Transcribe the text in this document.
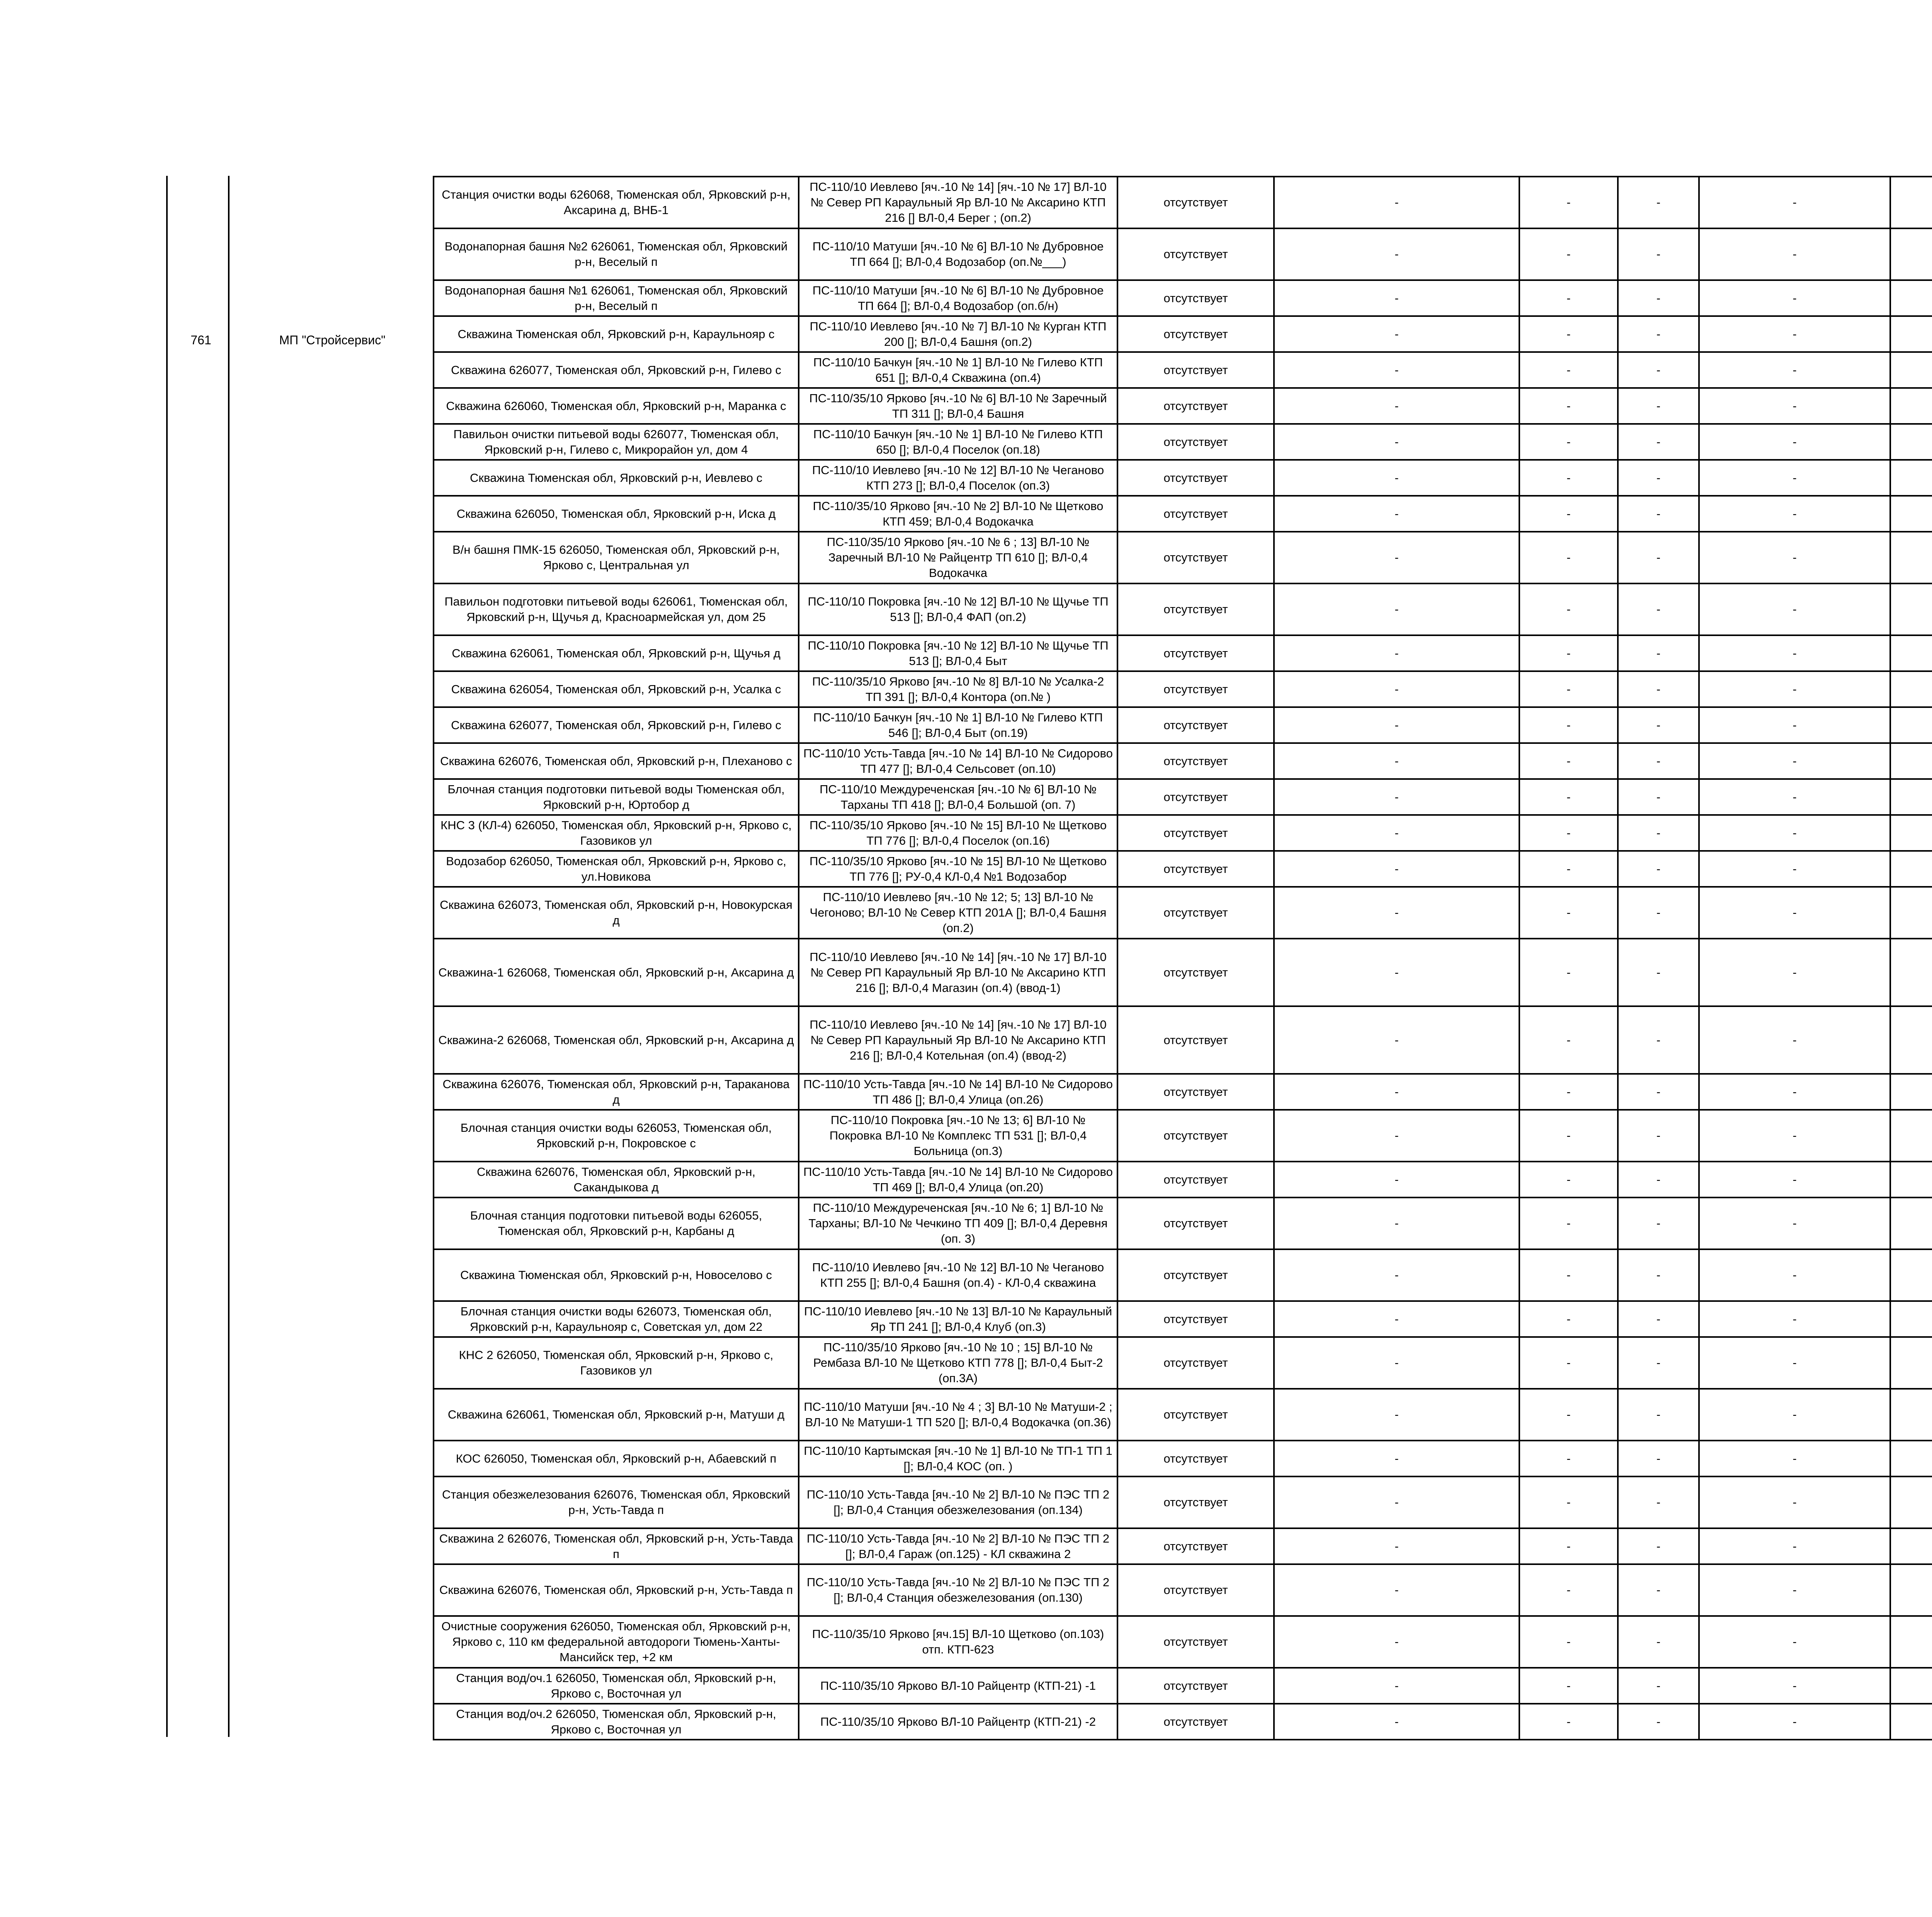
761	МП "Стройсервис"
Станция очистки воды 626068, Тюменская обл, Ярковский р-н, Аксарина д, ВНБ-1	ПС-110/10 Иевлево [яч.-10 № 14] [яч.-10 № 17] ВЛ-10 № Север РП Караульный Яр ВЛ-10 № Аксарино КТП 216 [] ВЛ-0,4 Берег ; (оп.2)	отсутствует	-	-	-	-		
Водонапорная башня №2 626061, Тюменская обл, Ярковский р-н, Веселый п	ПС-110/10 Матуши [яч.-10 № 6] ВЛ-10 № Дубровное ТП 664 []; ВЛ-0,4 Водозабор (оп.№___)	отсутствует	-	-	-	-		
Водонапорная башня №1 626061, Тюменская обл, Ярковский р-н, Веселый п	ПС-110/10 Матуши [яч.-10 № 6] ВЛ-10 № Дубровное ТП 664 []; ВЛ-0,4 Водозабор (оп.б/н)	отсутствует	-	-	-	-		
Скважина Тюменская обл, Ярковский р-н, Караульнояр с	ПС-110/10 Иевлево [яч.-10 № 7] ВЛ-10 № Курган КТП 200 []; ВЛ-0,4 Башня (оп.2)	отсутствует	-	-	-	-		
Скважина 626077, Тюменская обл, Ярковский р-н, Гилево с	ПС-110/10 Бачкун [яч.-10 № 1] ВЛ-10 № Гилево КТП 651 []; ВЛ-0,4 Скважина (оп.4)	отсутствует	-	-	-	-		
Скважина 626060, Тюменская обл, Ярковский р-н, Маранка с	ПС-110/35/10 Ярково [яч.-10 № 6] ВЛ-10 № Заречный ТП 311 []; ВЛ-0,4 Башня	отсутствует	-	-	-	-		
Павильон очистки питьевой воды 626077, Тюменская обл, Ярковский р-н, Гилево с, Микрорайон ул, дом 4	ПС-110/10 Бачкун [яч.-10 № 1] ВЛ-10 № Гилево КТП 650 []; ВЛ-0,4 Поселок (оп.18)	отсутствует	-	-	-	-		
Скважина Тюменская обл, Ярковский р-н, Иевлево с	ПС-110/10 Иевлево [яч.-10 № 12] ВЛ-10 № Чеганово КТП 273 []; ВЛ-0,4 Поселок (оп.3)	отсутствует	-	-	-	-		
Скважина 626050, Тюменская обл, Ярковский р-н, Иска д	ПС-110/35/10 Ярково [яч.-10 № 2] ВЛ-10 № Щетково КТП 459; ВЛ-0,4 Водокачка	отсутствует	-	-	-	-		
В/н башня ПМК-15 626050, Тюменская обл, Ярковский р-н, Ярково с, Центральная ул	ПС-110/35/10 Ярково [яч.-10 № 6 ; 13] ВЛ-10 № Заречный ВЛ-10 № Райцентр ТП 610 []; ВЛ-0,4 Водокачка	отсутствует	-	-	-	-		
Павильон подготовки питьевой воды 626061, Тюменская обл, Ярковский р-н, Щучья д, Красноармейская ул, дом 25	ПС-110/10 Покровка [яч.-10 № 12] ВЛ-10 № Щучье ТП 513 []; ВЛ-0,4 ФАП (оп.2)	отсутствует	-	-	-	-		
Скважина 626061, Тюменская обл, Ярковский р-н, Щучья д	ПС-110/10 Покровка [яч.-10 № 12] ВЛ-10 № Щучье ТП 513 []; ВЛ-0,4 Быт	отсутствует	-	-	-	-		
Скважина 626054, Тюменская обл, Ярковский р-н, Усалка с	ПС-110/35/10 Ярково [яч.-10 № 8] ВЛ-10 № Усалка-2 ТП 391 []; ВЛ-0,4 Контора (оп.№ )	отсутствует	-	-	-	-		
Скважина 626077, Тюменская обл, Ярковский р-н, Гилево с	ПС-110/10 Бачкун [яч.-10 № 1] ВЛ-10 № Гилево КТП 546 []; ВЛ-0,4 Быт (оп.19)	отсутствует	-	-	-	-		
Скважина 626076, Тюменская обл, Ярковский р-н, Плеханово с	ПС-110/10 Усть-Тавда [яч.-10 № 14] ВЛ-10 № Сидорово ТП 477 []; ВЛ-0,4 Сельсовет (оп.10)	отсутствует	-	-	-	-		
Блочная станция подготовки питьевой воды Тюменская обл, Ярковский р-н, Юртобор д	ПС-110/10 Междуреченская [яч.-10 № 6] ВЛ-10 № Тарханы ТП 418 []; ВЛ-0,4 Большой (оп. 7)	отсутствует	-	-	-	-		
КНС 3 (КЛ-4) 626050, Тюменская обл, Ярковский р-н, Ярково с, Газовиков ул	ПС-110/35/10 Ярково [яч.-10 № 15] ВЛ-10 № Щетково ТП 776 []; ВЛ-0,4 Поселок (оп.16)	отсутствует	-	-	-	-		
Водозабор 626050, Тюменская обл, Ярковский р-н, Ярково с, ул.Новикова	ПС-110/35/10 Ярково [яч.-10 № 15] ВЛ-10 № Щетково ТП 776 []; РУ-0,4 КЛ-0,4 №1 Водозабор	отсутствует	-	-	-	-		
Скважина 626073, Тюменская обл, Ярковский р-н, Новокурская д	ПС-110/10 Иевлево [яч.-10 № 12; 5; 13] ВЛ-10 № Чегоново; ВЛ-10 № Север КТП 201А []; ВЛ-0,4 Башня (оп.2)	отсутствует	-	-	-	-		
Скважина-1 626068, Тюменская обл, Ярковский р-н, Аксарина д	ПС-110/10 Иевлево [яч.-10 № 14] [яч.-10 № 17] ВЛ-10 № Север РП Караульный Яр ВЛ-10 № Аксарино КТП 216 []; ВЛ-0,4 Магазин (оп.4) (ввод-1)	отсутствует	-	-	-	-		
Скважина-2 626068, Тюменская обл, Ярковский р-н, Аксарина д	ПС-110/10 Иевлево [яч.-10 № 14] [яч.-10 № 17] ВЛ-10 № Север РП Караульный Яр ВЛ-10 № Аксарино КТП 216 []; ВЛ-0,4 Котельная (оп.4) (ввод-2)	отсутствует	-	-	-	-		
Скважина 626076, Тюменская обл, Ярковский р-н, Тараканова д	ПС-110/10 Усть-Тавда [яч.-10 № 14] ВЛ-10 № Сидорово ТП 486 []; ВЛ-0,4 Улица (оп.26)	отсутствует	-	-	-	-		
Блочная станция очистки воды 626053, Тюменская обл, Ярковский р-н, Покровское с	ПС-110/10 Покровка [яч.-10 № 13; 6] ВЛ-10 № Покровка ВЛ-10 № Комплекс ТП 531 []; ВЛ-0,4 Больница (оп.3)	отсутствует	-	-	-	-		
Скважина 626076, Тюменская обл, Ярковский р-н, Сакандыкова д	ПС-110/10 Усть-Тавда [яч.-10 № 14] ВЛ-10 № Сидорово ТП 469 []; ВЛ-0,4 Улица (оп.20)	отсутствует	-	-	-	-		
Блочная станция подготовки питьевой воды 626055, Тюменская обл, Ярковский р-н, Карбаны д	ПС-110/10 Междуреченская [яч.-10 № 6; 1] ВЛ-10 № Тарханы; ВЛ-10 № Чечкино ТП 409 []; ВЛ-0,4 Деревня (оп. 3)	отсутствует	-	-	-	-		
Скважина Тюменская обл, Ярковский р-н, Новоселово с	ПС-110/10 Иевлево [яч.-10 № 12] ВЛ-10 № Чеганово КТП 255 []; ВЛ-0,4 Башня (оп.4) - КЛ-0,4 скважина	отсутствует	-	-	-	-		
Блочная станция очистки воды 626073, Тюменская обл, Ярковский р-н, Караульнояр с, Советская ул, дом 22	ПС-110/10 Иевлево [яч.-10 № 13] ВЛ-10 № Караульный Яр ТП 241 []; ВЛ-0,4 Клуб (оп.3)	отсутствует	-	-	-	-		
КНС 2 626050, Тюменская обл, Ярковский р-н, Ярково с, Газовиков ул	ПС-110/35/10 Ярково [яч.-10 № 10 ; 15] ВЛ-10 № Рембаза ВЛ-10 № Щетково КТП 778 []; ВЛ-0,4 Быт-2 (оп.3А)	отсутствует	-	-	-	-		
Скважина 626061, Тюменская обл, Ярковский р-н, Матуши д	ПС-110/10 Матуши [яч.-10 № 4 ; 3] ВЛ-10 № Матуши-2 ; ВЛ-10 № Матуши-1 ТП 520 []; ВЛ-0,4 Водокачка (оп.36)	отсутствует	-	-	-	-		
КОС 626050, Тюменская обл, Ярковский р-н, Абаевский п	ПС-110/10 Картымская [яч.-10 № 1] ВЛ-10 № ТП-1 ТП 1 []; ВЛ-0,4 КОС (оп. )	отсутствует	-	-	-	-		
Станция обезжелезования 626076, Тюменская обл, Ярковский р-н, Усть-Тавда п	ПС-110/10 Усть-Тавда [яч.-10 № 2] ВЛ-10 № ПЭС ТП 2 []; ВЛ-0,4 Станция обезжелезования (оп.134)	отсутствует	-	-	-	-		
Скважина 2 626076, Тюменская обл, Ярковский р-н, Усть-Тавда п	ПС-110/10 Усть-Тавда [яч.-10 № 2] ВЛ-10 № ПЭС ТП 2 []; ВЛ-0,4 Гараж (оп.125) - КЛ скважина 2	отсутствует	-	-	-	-		
Скважина 626076, Тюменская обл, Ярковский р-н, Усть-Тавда п	ПС-110/10 Усть-Тавда [яч.-10 № 2] ВЛ-10 № ПЭС ТП 2 []; ВЛ-0,4 Станция обезжелезования (оп.130)	отсутствует	-	-	-	-		
Очистные сооружения 626050, Тюменская обл, Ярковский р-н, Ярково с, 110 км федеральной автодороги Тюмень-Ханты-Мансийск тер, +2 км	ПС-110/35/10 Ярково [яч.15] ВЛ-10 Щетково (оп.103) отп. КТП-623	отсутствует	-	-	-	-		
Станция вод/оч.1 626050, Тюменская обл, Ярковский р-н, Ярково с, Восточная ул	ПС-110/35/10 Ярково ВЛ-10 Райцентр (КТП-21) -1	отсутствует	-	-	-	-		
Станция вод/оч.2 626050, Тюменская обл, Ярковский р-н, Ярково с, Восточная ул	ПС-110/35/10 Ярково ВЛ-10 Райцентр (КТП-21) -2	отсутствует	-	-	-	-		
